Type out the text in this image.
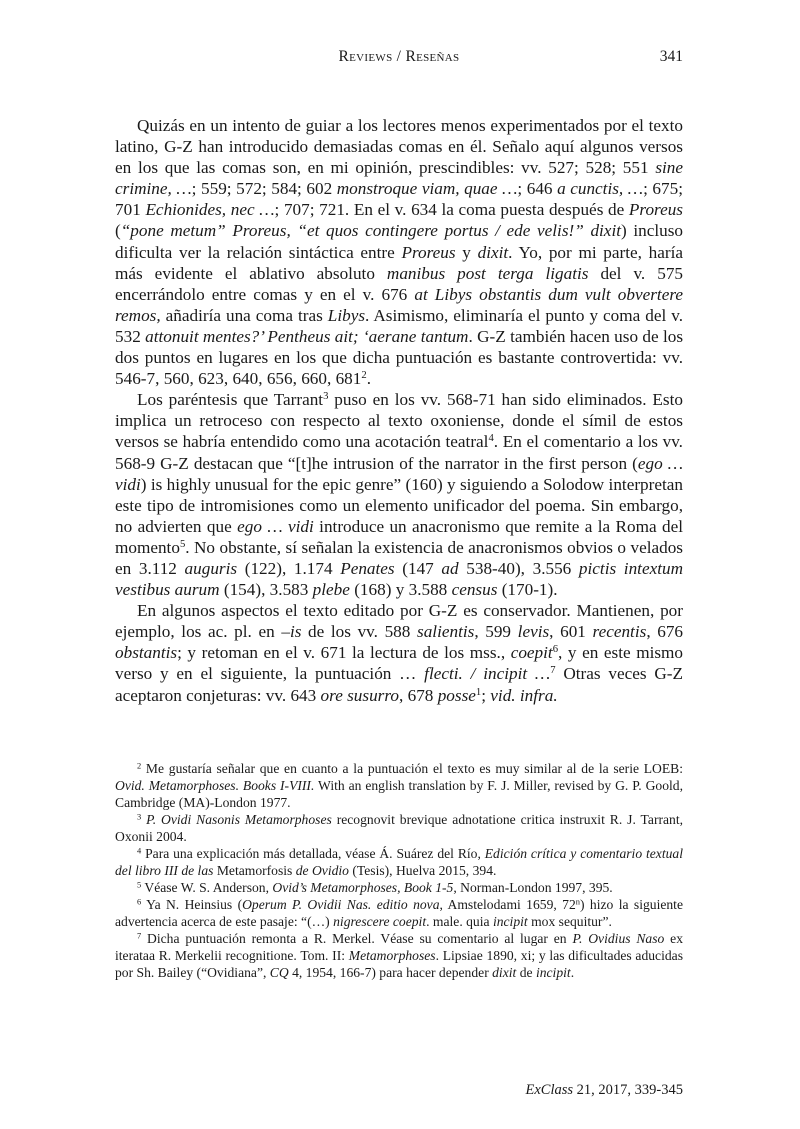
Reviews / Reseñas	341

Quizás en un intento de guiar a los lectores menos experimentados por el texto latino, G-Z han introducido demasiadas comas en él. Señalo aquí algunos versos en los que las comas son, en mi opinión, prescindibles: vv. 527; 528; 551 sine crimine, …; 559; 572; 584; 602 monstroque viam, quae …; 646 a cunctis, …; 675; 701 Echionides, nec …; 707; 721. En el v. 634 la coma puesta después de Proreus (“pone metum” Proreus, “et quos contingere portus / ede velis!” dixit) incluso dificulta ver la relación sintáctica entre Proreus y dixit. Yo, por mi parte, haría más evidente el ablativo absoluto manibus post terga ligatis del v. 575 encerrándolo entre comas y en el v. 676 at Libys obstantis dum vult obvertere remos, añadiría una coma tras Libys. Asimismo, eliminaría el punto y coma del v. 532 attonuit mentes?’ Pentheus ait; ‘aerane tantum. G-Z también hacen uso de los dos puntos en lugares en los que dicha puntuación es bastante controvertida: vv. 546-7, 560, 623, 640, 656, 660, $681^2$.

Los paréntesis que Tarrant$^3$ puso en los vv. 568-71 han sido eliminados. Esto implica un retroceso con respecto al texto oxoniense, donde el símil de estos versos se habría entendido como una acotación teatral$^4$. En el comentario a los vv. 568-9 G-Z destacan que “[t]he intrusion of the narrator in the first person (ego … vidi) is highly unusual for the epic genre” (160) y siguiendo a Solodow interpretan este tipo de intromisiones como un elemento unificador del poema. Sin embargo, no advierten que ego … vidi introduce un anacronismo que remite a la Roma del momento$^5$. No obstante, sí señalan la existencia de anacronismos obvios o velados en 3.112 auguris (122), 1.174 Penates (147 ad 538-40), 3.556 pictis intextum vestibus aurum (154), 3.583 plebe (168) y 3.588 census (170-1).

En algunos aspectos el texto editado por G-Z es conservador. Mantienen, por ejemplo, los ac. pl. en –is de los vv. 588 salientis, 599 levis, 601 recentis, 676 obstantis; y retoman en el v. 671 la lectura de los mss., coepit$^6$, y en este mismo verso y en el siguiente, la puntuación … flecti. / incipit …$^7$ Otras veces G-Z aceptaron conjeturas: vv. 643 ore susurro, 678 posse$^1$; vid. infra.

$^2$ Me gustaría señalar que en cuanto a la puntuación el texto es muy similar al de la serie LOEB: Ovid. Metamorphoses. Books I-VIII. With an english translation by F. J. Miller, revised by G. P. Goold, Cambridge (MA)-London 1977.

$^3$ P. Ovidi Nasonis Metamorphoses recognovit brevique adnotatione critica instruxit R. J. Tarrant, Oxonii 2004.

$^4$ Para una explicación más detallada, véase Á. Suárez del Río, Edición crítica y comentario textual del libro III de las Metamorfosis de Ovidio (Tesis), Huelva 2015, 394.

$^5$ Véase W. S. Anderson, Ovid’s Metamorphoses, Book 1-5, Norman-London 1997, 395.

$^6$ Ya N. Heinsius (Operum P. Ovidii Nas. editio nova, Amstelodami 1659, 72$^n$) hizo la siguiente advertencia acerca de este pasaje: “(…) nigrescere coepit. male. quia incipit mox sequitur”.

$^7$ Dicha puntuación remonta a R. Merkel. Véase su comentario al lugar en P. Ovidius Naso ex iterataa R. Merkelii recognitione. Tom. II: Metamorphoses. Lipsiae 1890, xi; y las dificultades aducidas por Sh. Bailey (“Ovidiana”, CQ 4, 1954, 166-7) para hacer depender dixit de incipit.

ExClass 21, 2017, 339-345
